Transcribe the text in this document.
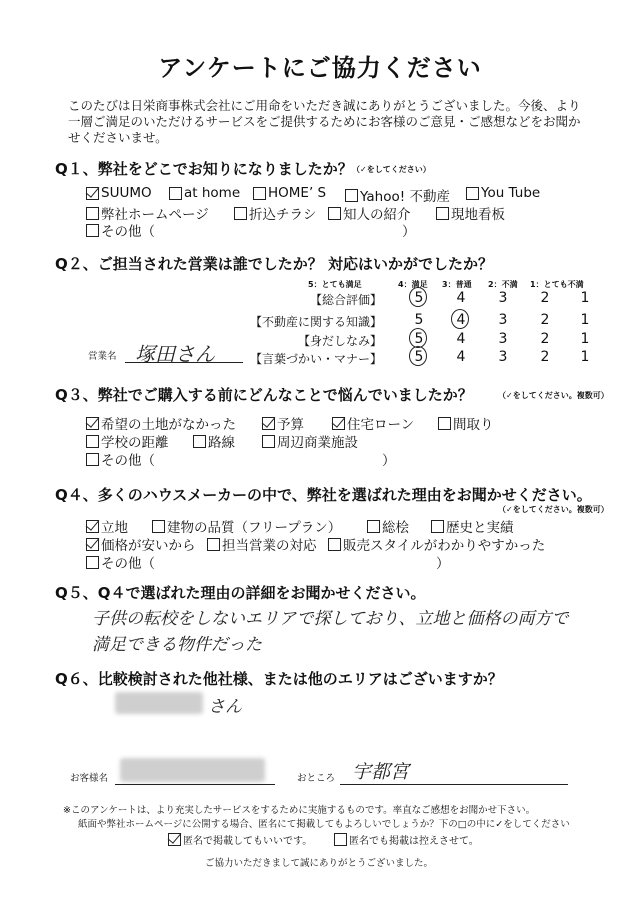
アンケートにご協力ください
このたびは日栄商事株式会社にご用命をいただき誠にありがとうございました。今後、より一層ご満足のいただけるサービスをご提供するためにお客様のご意見・ご感想などをお聞かせくださいませ。
Q１、弊社をどこでお知りになりましたか？ （✓をしてください）
SUUMO at home HOME’ S	Yahoo! 不動産 You Tube
弊社ホームページ	折込チラシ 知人の紹介	現地看板
その他（	）
Q２、ご担当された営業は誰でしたか？ 対応はいかがでしたか？
5：とても満足	4：満足 3：普通 2：不満 1：とても不満
【総合評価】 5 4 3 2 1
【不動産に関する知識】 5 4 3 2 1
【身だしなみ】 5 4 3 2 1
【言葉づかい・マナー】 5 4 3 2 1
営業名 塚田さん
Q３、弊社でご購入する前にどんなことで悩んでいましたか？	（✓をしてください。複数可）
希望の土地がなかった	予算	住宅ローン	間取り
学校の距離	路線	周辺商業施設
その他（	）
Q４、多くのハウスメーカーの中で、弊社を選ばれた理由をお聞かせください。
（✓をしてください。複数可）
立地	建物の品質（フリープラン）	総桧	歴史と実績
価格が安いから 担当営業の対応 販売スタイルがわかりやすかった
その他（	）
Q５、Q４で選ばれた理由の詳細をお聞かせください。
子供の転校をしないエリアで探しており、立地と価格の両方で
満足できる物件だった
Q６、比較検討された他社様、または他のエリアはございますか？
さん
お客様名	おところ 宇都宮
※このアンケートは、より充実したサービスをするために実施するものです。率直なご感想をお聞かせ下さい。
紙面や弊社ホームページに公開する場合、匿名にて掲載してもよろしいでしょうか？下の□の中に✓をしてください
匿名で掲載してもいいです。	匿名でも掲載は控えさせて。
ご協力いただきまして誠にありがとうございました。
